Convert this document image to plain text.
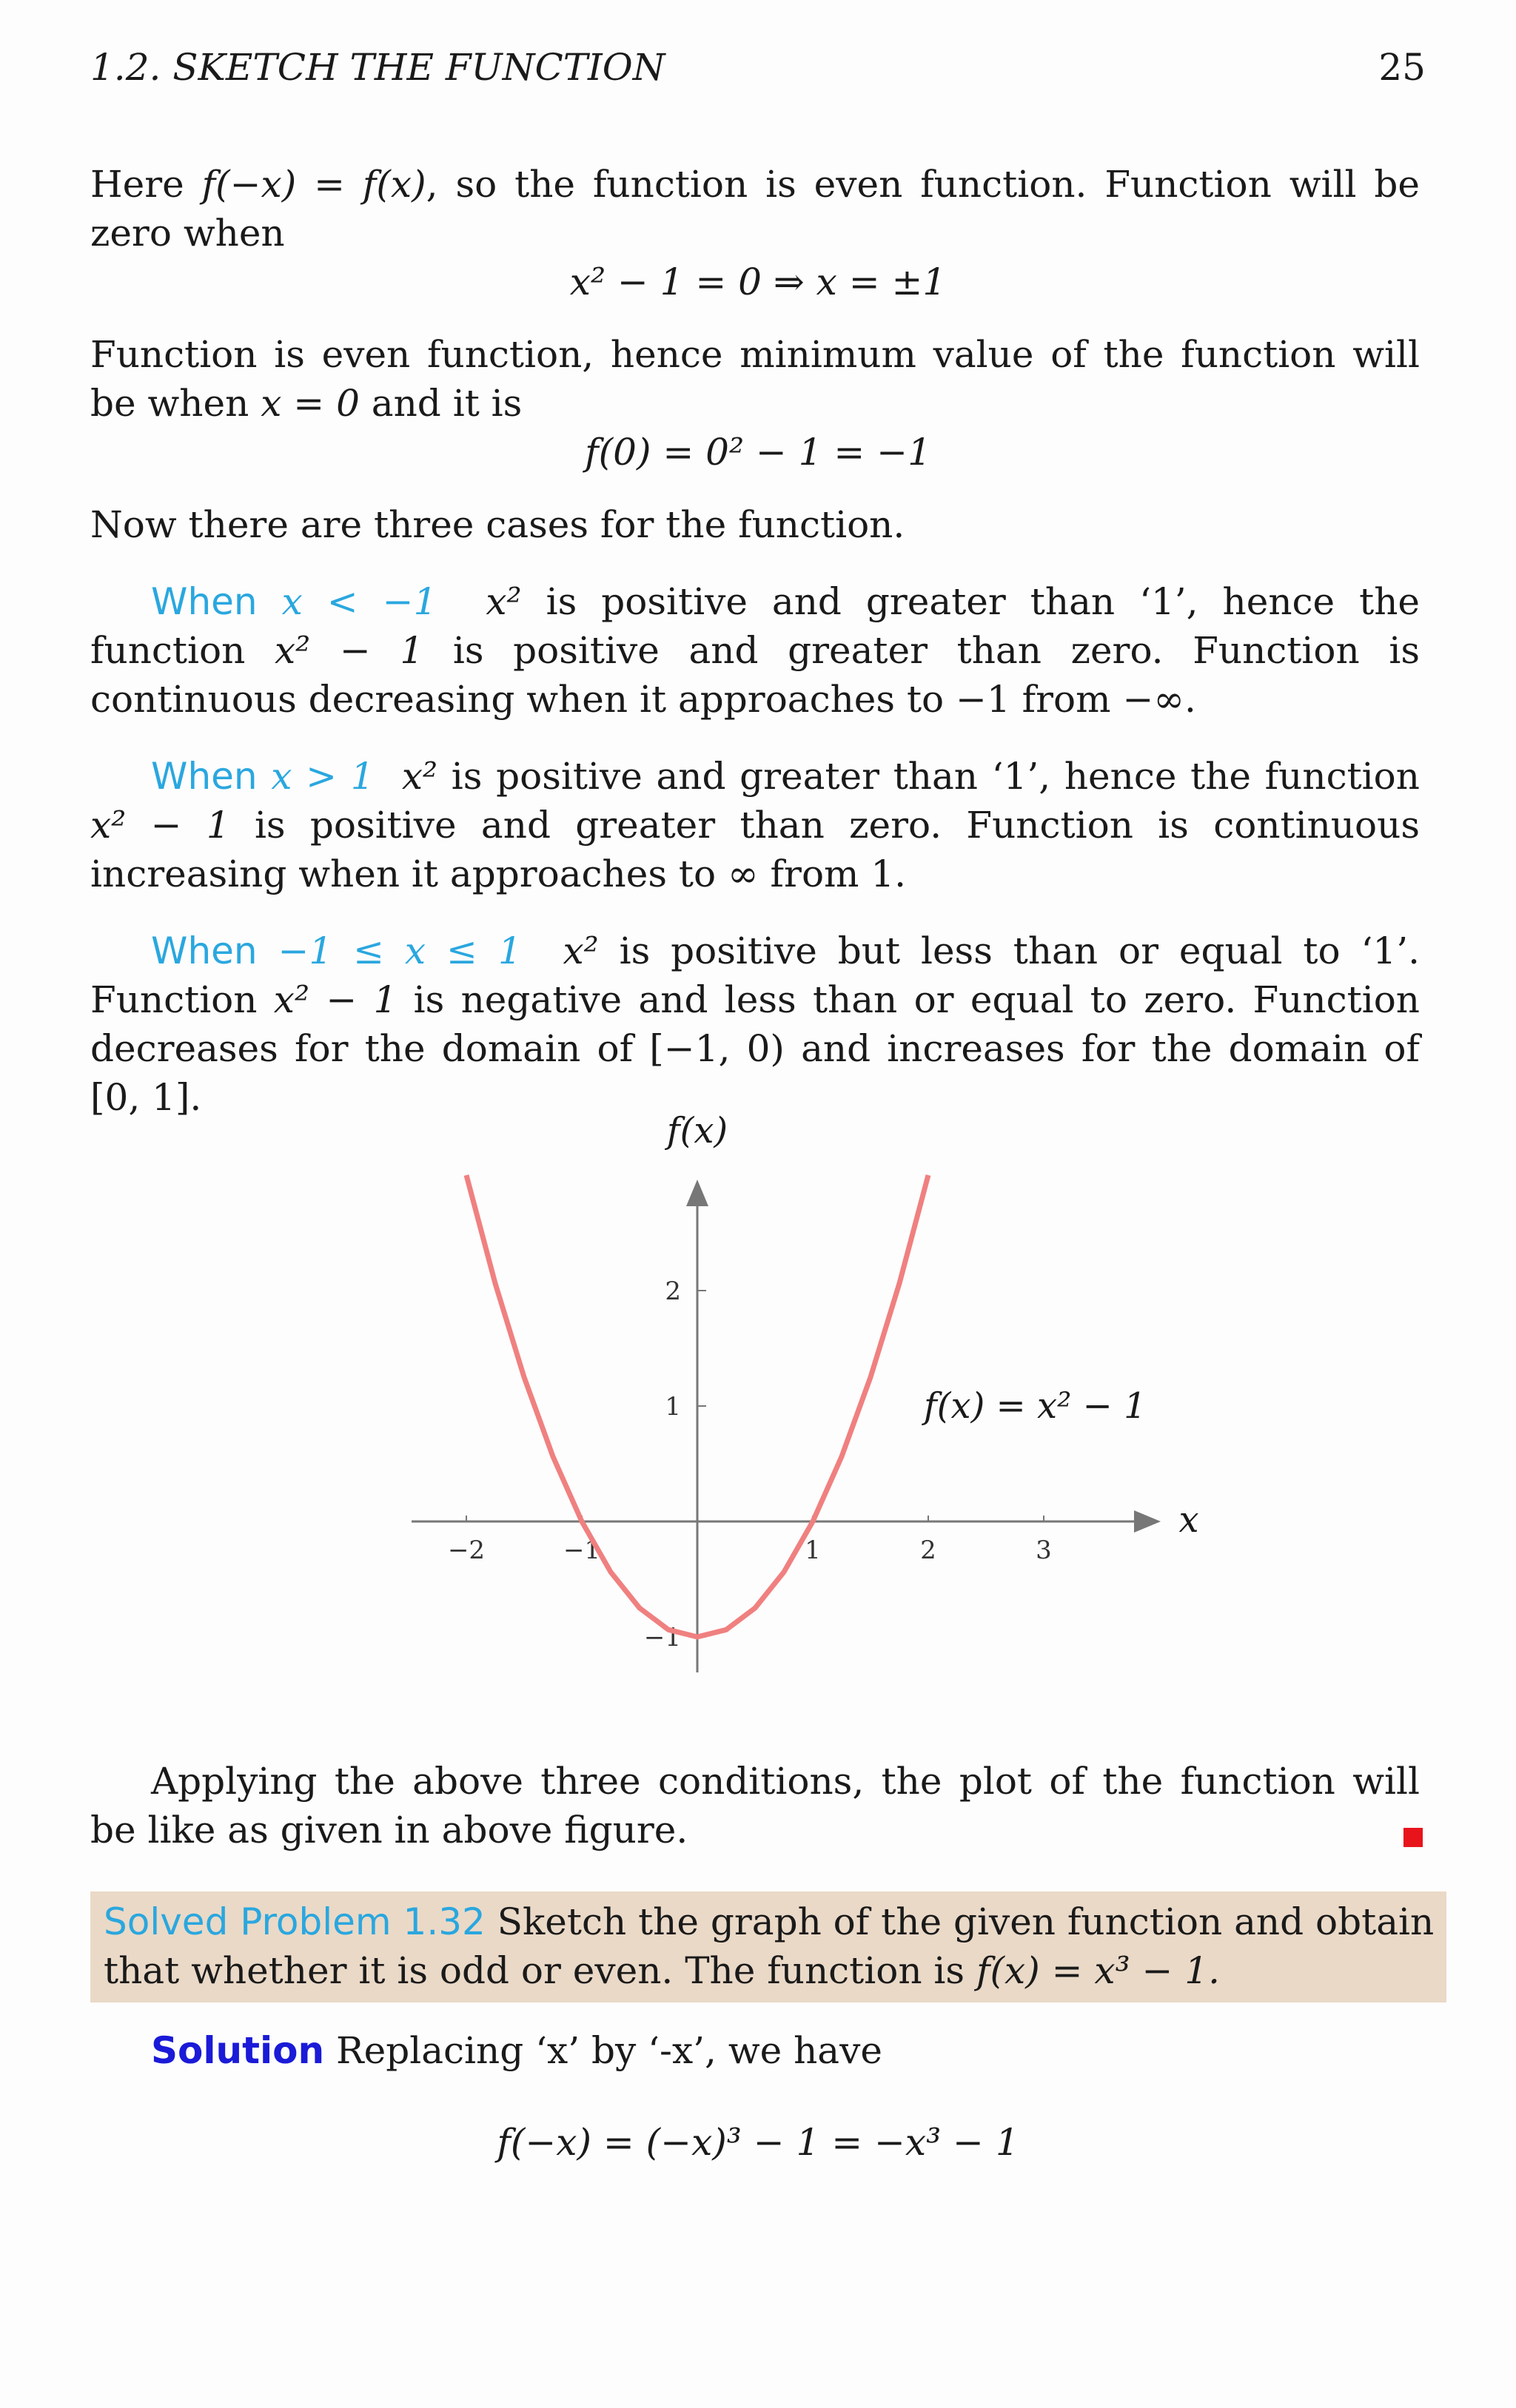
1.2. SKETCH THE FUNCTION	25
Here f(−x) = f(x), so the function is even function. Function will be zero when
x² − 1 = 0 ⇒ x = ±1
Function is even function, hence minimum value of the function will be when x = 0 and it is
f(0) = 0² − 1 = −1
Now there are three cases for the function.
When x < −1 x² is positive and greater than ‘1’, hence the function x² − 1 is positive and greater than zero. Function is continuous decreasing when it approaches to −1 from −∞.
When x > 1 x² is positive and greater than ‘1’, hence the function x² − 1 is positive and greater than zero. Function is continuous increasing when it approaches to ∞ from 1.
When −1 ≤ x ≤ 1 x² is positive but less than or equal to ‘1’. Function x² − 1 is negative and less than or equal to zero. Function decreases for the domain of [−1, 0) and increases for the domain of [0, 1].
−2	−1	1	2	3
−1
1
2
x
f(x)
f(x) = x² − 1
Applying the above three conditions, the plot of the function will be like as given in above figure.
Solved Problem 1.32 Sketch the graph of the given function and obtain that whether it is odd or even. The function is f(x) = x³ − 1.
Solution Replacing ‘x’ by ‘-x’, we have
f(−x) = (−x)³ − 1 = −x³ − 1
